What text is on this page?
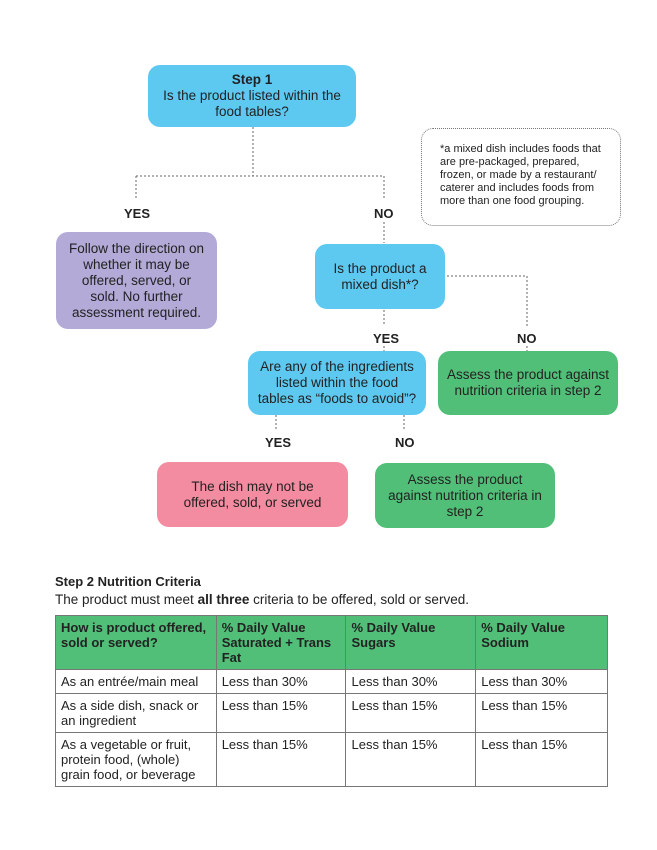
Step 1
Is the product listed within the food tables?
YES	NO
Follow the direction on whether it may be offered, served, or sold. No further assessment required.
*a mixed dish includes foods that are pre-packaged, prepared, frozen, or made by a restaurant/ caterer and includes foods from more than one food grouping.
Is the product a mixed dish*?
YES	NO
Are any of the ingredients listed within the food tables as “foods to avoid”?
Assess the product against nutrition criteria in step 2
YES	NO
The dish may not be offered, sold, or served
Assess the product against nutrition criteria in step 2
Step 2 Nutrition Criteria
The product must meet all three criteria to be offered, sold or served.
How is product offered, sold or served?	% Daily Value Saturated + Trans Fat	% Daily Value Sugars	% Daily Value Sodium
As an entrée/main meal	Less than 30%	Less than 30%	Less than 30%
As a side dish, snack or an ingredient	Less than 15%	Less than 15%	Less than 15%
As a vegetable or fruit, protein food, (whole) grain food, or beverage	Less than 15%	Less than 15%	Less than 15%
